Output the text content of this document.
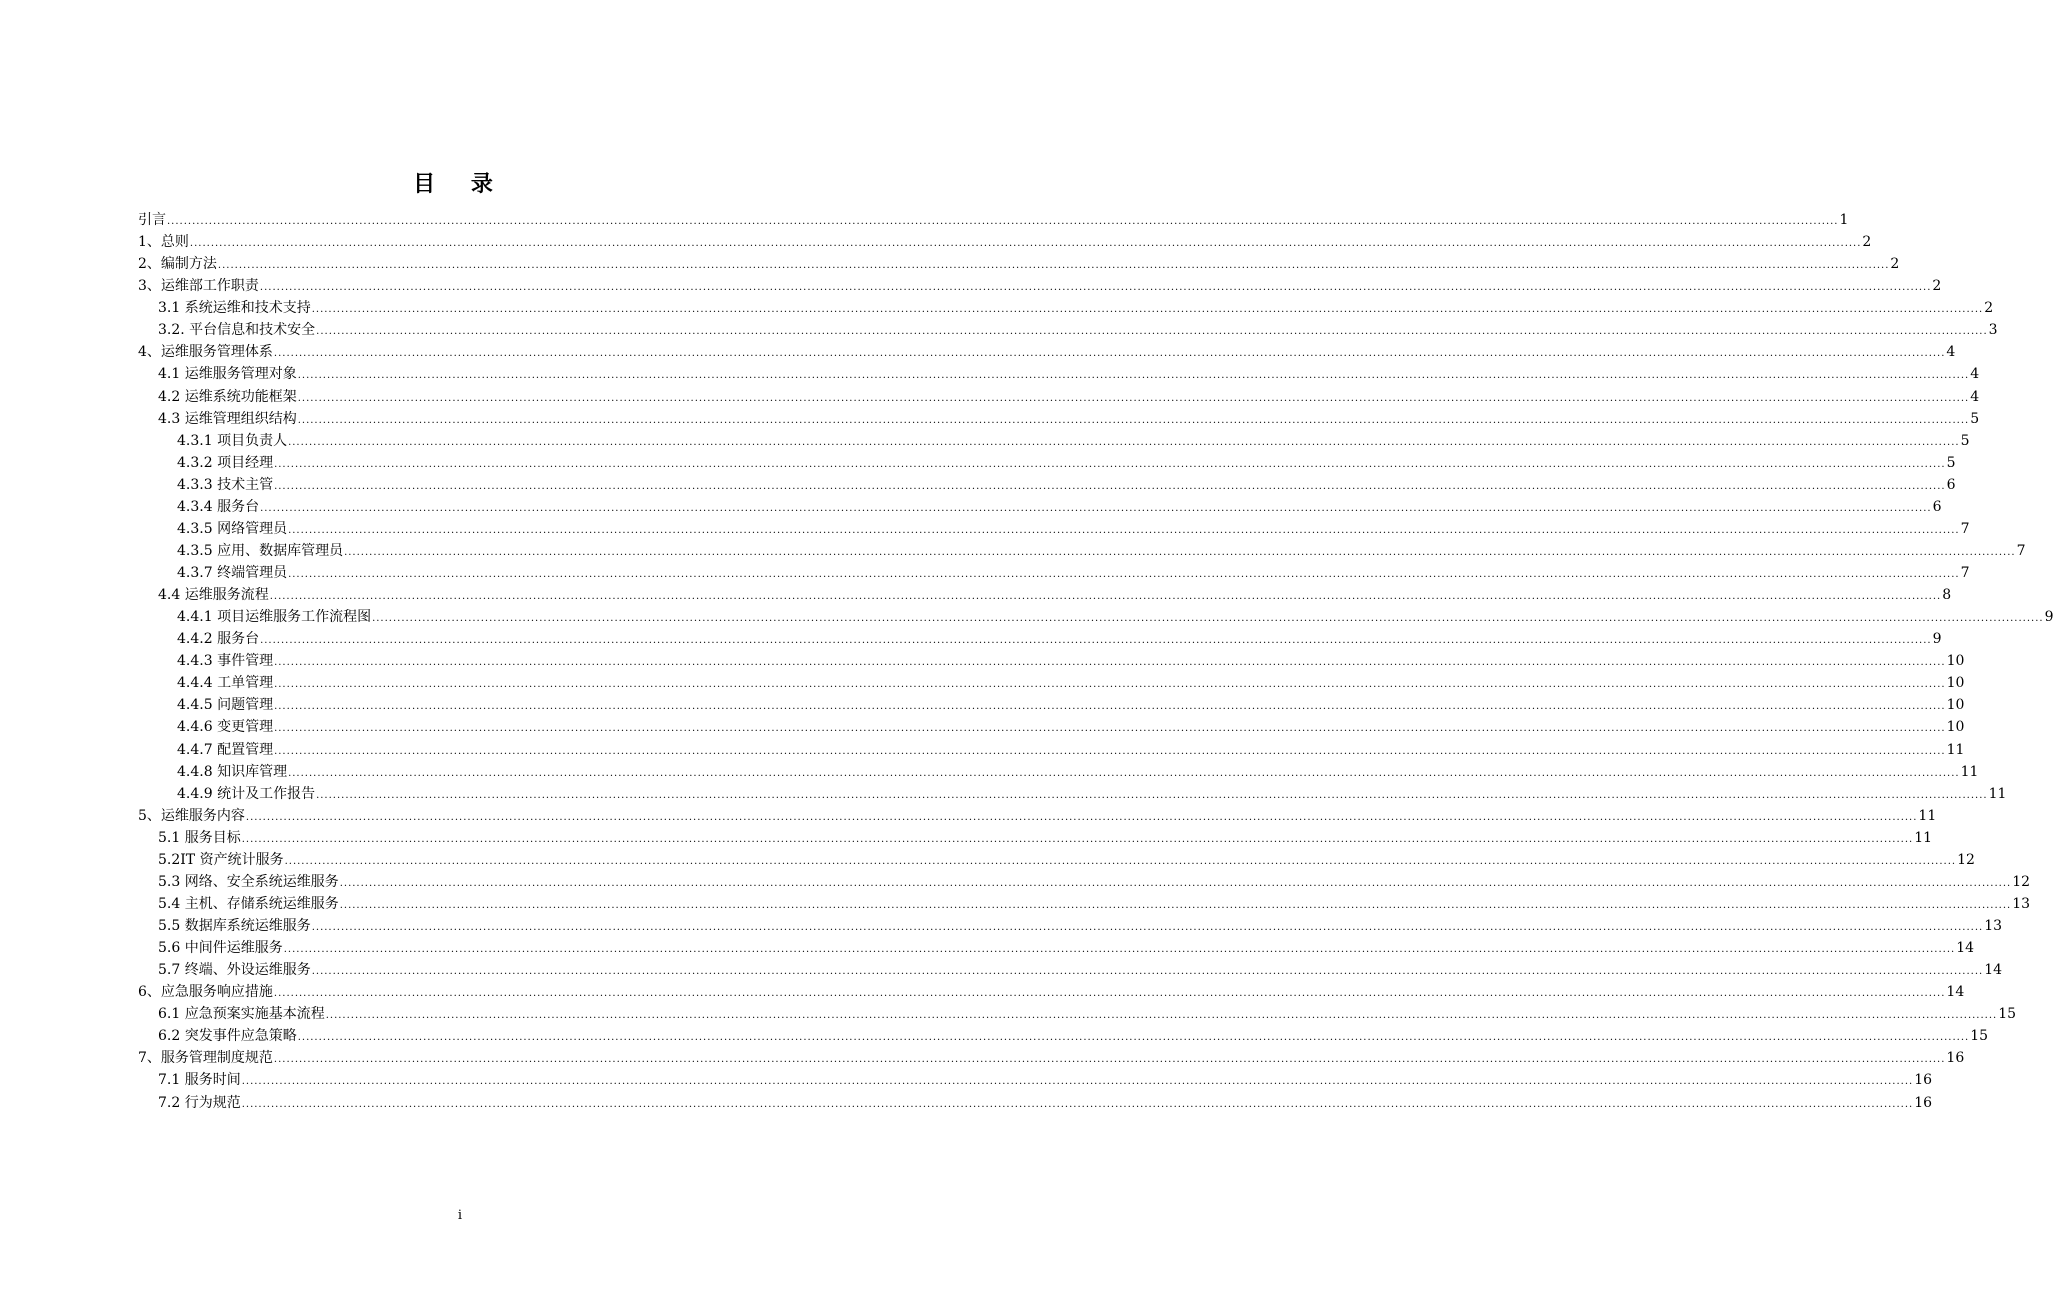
目 录
引言 ................................................................................................................................................................................................................................................................................................................................................................................................................ 1
1、总则 ................................................................................................................................................................................................................................................................................................................................................................................................................ 2
2、编制方法 ................................................................................................................................................................................................................................................................................................................................................................................................................ 2
3、运维部工作职责 ................................................................................................................................................................................................................................................................................................................................................................................................................ 2
3.1 系统运维和技术支持 ................................................................................................................................................................................................................................................................................................................................................................................................................ 2
3.2. 平台信息和技术安全 ................................................................................................................................................................................................................................................................................................................................................................................................................ 3
4、运维服务管理体系 ................................................................................................................................................................................................................................................................................................................................................................................................................ 4
4.1 运维服务管理对象 ................................................................................................................................................................................................................................................................................................................................................................................................................ 4
4.2 运维系统功能框架 ................................................................................................................................................................................................................................................................................................................................................................................................................ 4
4.3 运维管理组织结构 ................................................................................................................................................................................................................................................................................................................................................................................................................ 5
4.3.1 项目负责人 ................................................................................................................................................................................................................................................................................................................................................................................................................ 5
4.3.2 项目经理 ................................................................................................................................................................................................................................................................................................................................................................................................................ 5
4.3.3 技术主管 ................................................................................................................................................................................................................................................................................................................................................................................................................ 6
4.3.4 服务台 ................................................................................................................................................................................................................................................................................................................................................................................................................ 6
4.3.5 网络管理员 ................................................................................................................................................................................................................................................................................................................................................................................................................ 7
4.3.5 应用、数据库管理员 ................................................................................................................................................................................................................................................................................................................................................................................................................ 7
4.3.7 终端管理员 ................................................................................................................................................................................................................................................................................................................................................................................................................ 7
4.4 运维服务流程 ................................................................................................................................................................................................................................................................................................................................................................................................................ 8
4.4.1 项目运维服务工作流程图 ................................................................................................................................................................................................................................................................................................................................................................................................................ 9
4.4.2 服务台 ................................................................................................................................................................................................................................................................................................................................................................................................................ 9
4.4.3 事件管理 ................................................................................................................................................................................................................................................................................................................................................................................................................ 10
4.4.4 工单管理 ................................................................................................................................................................................................................................................................................................................................................................................................................ 10
4.4.5 问题管理 ................................................................................................................................................................................................................................................................................................................................................................................................................ 10
4.4.6 变更管理 ................................................................................................................................................................................................................................................................................................................................................................................................................ 10
4.4.7 配置管理 ................................................................................................................................................................................................................................................................................................................................................................................................................ 11
4.4.8 知识库管理 ................................................................................................................................................................................................................................................................................................................................................................................................................ 11
4.4.9 统计及工作报告 ................................................................................................................................................................................................................................................................................................................................................................................................................ 11
5、运维服务内容 ................................................................................................................................................................................................................................................................................................................................................................................................................ 11
5.1 服务目标 ................................................................................................................................................................................................................................................................................................................................................................................................................ 11
5.2IT 资产统计服务 ................................................................................................................................................................................................................................................................................................................................................................................................................ 12
5.3 网络、安全系统运维服务 ................................................................................................................................................................................................................................................................................................................................................................................................................ 12
5.4 主机、存储系统运维服务 ................................................................................................................................................................................................................................................................................................................................................................................................................ 13
5.5 数据库系统运维服务 ................................................................................................................................................................................................................................................................................................................................................................................................................ 13
5.6 中间件运维服务 ................................................................................................................................................................................................................................................................................................................................................................................................................ 14
5.7 终端、外设运维服务 ................................................................................................................................................................................................................................................................................................................................................................................................................ 14
6、应急服务响应措施 ................................................................................................................................................................................................................................................................................................................................................................................................................ 14
6.1 应急预案实施基本流程 ................................................................................................................................................................................................................................................................................................................................................................................................................ 15
6.2 突发事件应急策略 ................................................................................................................................................................................................................................................................................................................................................................................................................ 15
7、服务管理制度规范 ................................................................................................................................................................................................................................................................................................................................................................................................................ 16
7.1 服务时间 ................................................................................................................................................................................................................................................................................................................................................................................................................ 16
7.2 行为规范 ................................................................................................................................................................................................................................................................................................................................................................................................................ 16
i
